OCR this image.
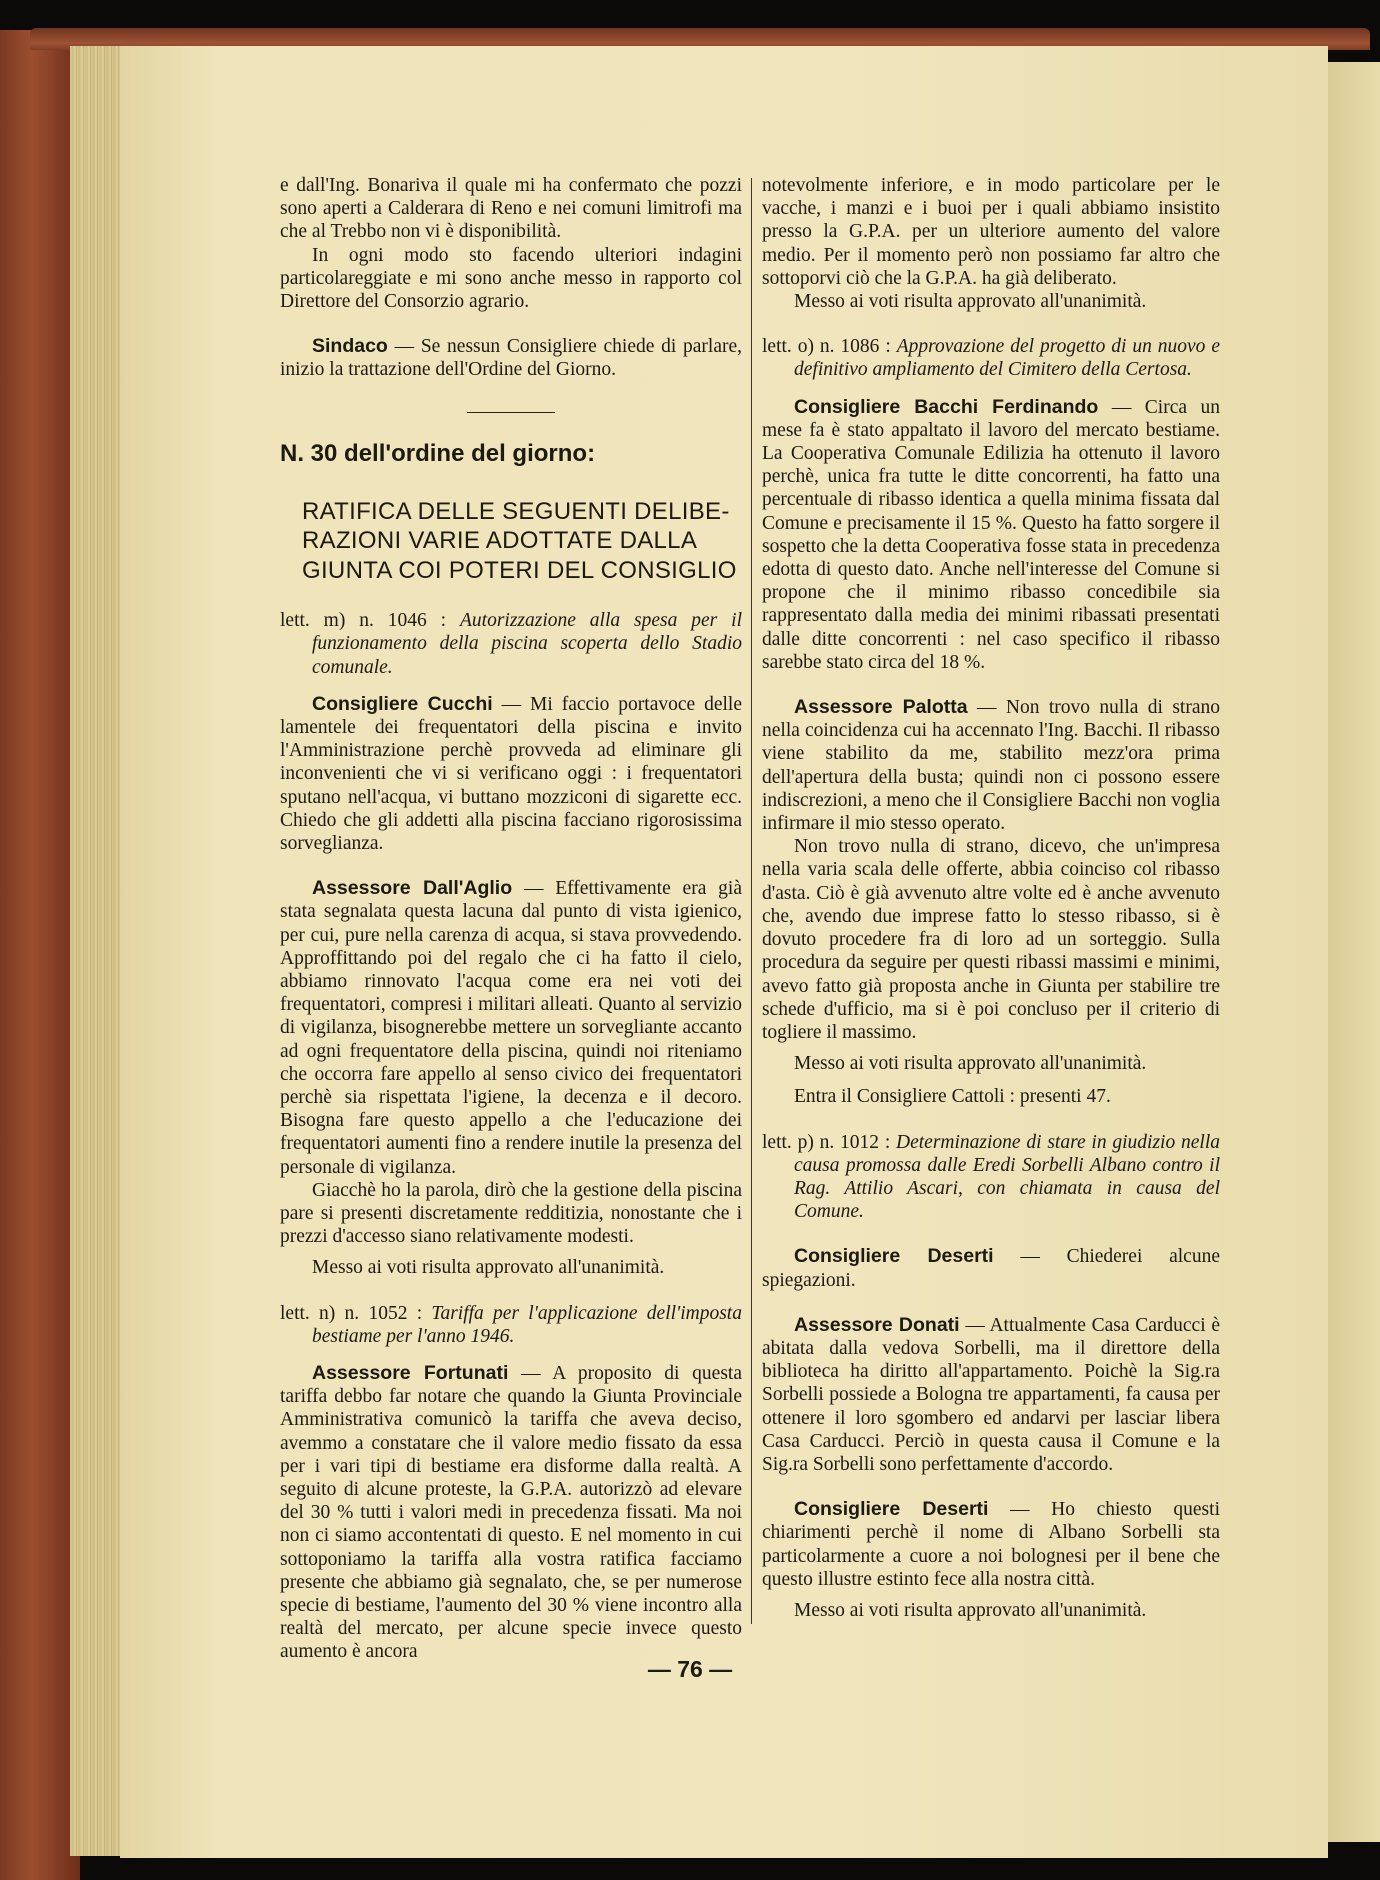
e dall'Ing. Bonariva il quale mi ha confermato che pozzi sono aperti a Calderara di Reno e nei comuni limitrofi ma che al Trebbo non vi è disponibilità.

In ogni modo sto facendo ulteriori indagini particolareggiate e mi sono anche messo in rapporto col Direttore del Consorzio agrario.

Sindaco — Se nessun Consigliere chiede di parlare, inizio la trattazione dell'Ordine del Giorno.

N. 30 dell'ordine del giorno:

RATIFICA DELLE SEGUENTI DELIBE-
RAZIONI VARIE ADOTTATE DALLA
GIUNTA COI POTERI DEL CONSIGLIO

lett. m) n. 1046 : Autorizzazione alla spesa per il funzionamento della piscina scoperta dello Stadio comunale.

Consigliere Cucchi — Mi faccio portavoce delle lamentele dei frequentatori della piscina e invito l'Amministrazione perchè provveda ad eliminare gli inconvenienti che vi si verificano oggi : i frequentatori sputano nell'acqua, vi buttano mozziconi di sigarette ecc. Chiedo che gli addetti alla piscina facciano rigorosissima sorveglianza.

Assessore Dall'Aglio — Effettivamente era già stata segnalata questa lacuna dal punto di vista igienico, per cui, pure nella carenza di acqua, si stava provvedendo. Approffittando poi del regalo che ci ha fatto il cielo, abbiamo rinnovato l'acqua come era nei voti dei frequentatori, compresi i militari alleati. Quanto al servizio di vigilanza, bisognerebbe mettere un sorvegliante accanto ad ogni frequentatore della piscina, quindi noi riteniamo che occorra fare appello al senso civico dei frequentatori perchè sia rispettata l'igiene, la decenza e il decoro. Bisogna fare questo appello a che l'educazione dei frequentatori aumenti fino a rendere inutile la presenza del personale di vigilanza.

Giacchè ho la parola, dirò che la gestione della piscina pare si presenti discretamente redditizia, nonostante che i prezzi d'accesso siano relativamente modesti.

Messo ai voti risulta approvato all'unanimità.

lett. n) n. 1052 : Tariffa per l'applicazione dell'imposta bestiame per l'anno 1946.

Assessore Fortunati — A proposito di questa tariffa debbo far notare che quando la Giunta Provinciale Amministrativa comunicò la tariffa che aveva deciso, avemmo a constatare che il valore medio fissato da essa per i vari tipi di bestiame era disforme dalla realtà. A seguito di alcune proteste, la G.P.A. autorizzò ad elevare del 30 % tutti i valori medi in precedenza fissati. Ma noi non ci siamo accontentati di questo. E nel momento in cui sottoponiamo la tariffa alla vostra ratifica facciamo presente che abbiamo già segnalato, che, se per numerose specie di bestiame, l'aumento del 30 % viene incontro alla realtà del mercato, per alcune specie invece questo aumento è ancora

notevolmente inferiore, e in modo particolare per le vacche, i manzi e i buoi per i quali abbiamo insistito presso la G.P.A. per un ulteriore aumento del valore medio. Per il momento però non possiamo far altro che sottoporvi ciò che la G.P.A. ha già deliberato.

Messo ai voti risulta approvato all'unanimità.

lett. o) n. 1086 : Approvazione del progetto di un nuovo e definitivo ampliamento del Cimitero della Certosa.

Consigliere Bacchi Ferdinando — Circa un mese fa è stato appaltato il lavoro del mercato bestiame. La Cooperativa Comunale Edilizia ha ottenuto il lavoro perchè, unica fra tutte le ditte concorrenti, ha fatto una percentuale di ribasso identica a quella minima fissata dal Comune e precisamente il 15 %. Questo ha fatto sorgere il sospetto che la detta Cooperativa fosse stata in precedenza edotta di questo dato. Anche nell'interesse del Comune si propone che il minimo ribasso concedibile sia rappresentato dalla media dei minimi ribassati presentati dalle ditte concorrenti : nel caso specifico il ribasso sarebbe stato circa del 18 %.

Assessore Palotta — Non trovo nulla di strano nella coincidenza cui ha accennato l'Ing. Bacchi. Il ribasso viene stabilito da me, stabilito mezz'ora prima dell'apertura della busta; quindi non ci possono essere indiscrezioni, a meno che il Consigliere Bacchi non voglia infirmare il mio stesso operato.

Non trovo nulla di strano, dicevo, che un'impresa nella varia scala delle offerte, abbia coinciso col ribasso d'asta. Ciò è già avvenuto altre volte ed è anche avvenuto che, avendo due imprese fatto lo stesso ribasso, si è dovuto procedere fra di loro ad un sorteggio. Sulla procedura da seguire per questi ribassi massimi e minimi, avevo fatto già proposta anche in Giunta per stabilire tre schede d'ufficio, ma si è poi concluso per il criterio di togliere il massimo.

Messo ai voti risulta approvato all'unanimità.

Entra il Consigliere Cattoli : presenti 47.

lett. p) n. 1012 : Determinazione di stare in giudizio nella causa promossa dalle Eredi Sorbelli Albano contro il Rag. Attilio Ascari, con chiamata in causa del Comune.

Consigliere Deserti — Chiederei alcune spiegazioni.

Assessore Donati — Attualmente Casa Carducci è abitata dalla vedova Sorbelli, ma il direttore della biblioteca ha diritto all'appartamento. Poichè la Sig.ra Sorbelli possiede a Bologna tre appartamenti, fa causa per ottenere il loro sgombero ed andarvi per lasciar libera Casa Carducci. Perciò in questa causa il Comune e la Sig.ra Sorbelli sono perfettamente d'accordo.

Consigliere Deserti — Ho chiesto questi chiarimenti perchè il nome di Albano Sorbelli sta particolarmente a cuore a noi bolognesi per il bene che questo illustre estinto fece alla nostra città.

Messo ai voti risulta approvato all'unanimità.

— 76 —
